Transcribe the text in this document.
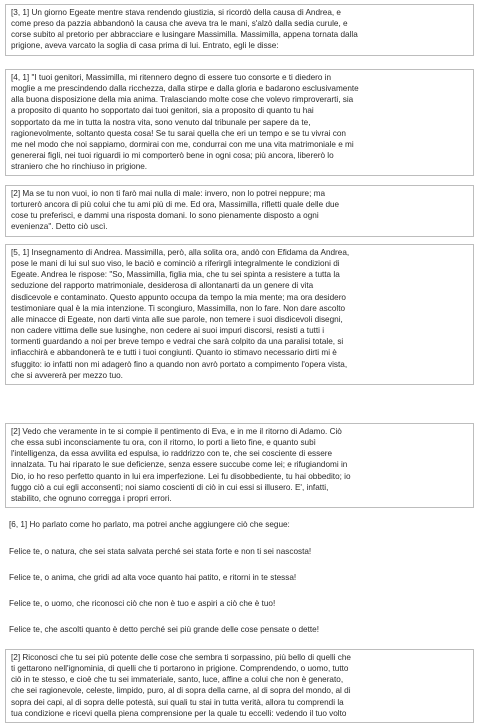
[3, 1] Un giorno Egeate mentre stava rendendo giustizia, si ricordò della causa di Andrea, e
come preso da pazzia abbandonò la causa che aveva tra le mani, s'alzò dalla sedia curule, e
corse subito al pretorio per abbracciare e lusingare Massimilla. Massimilla, appena tornata dalla
prigione, aveva varcato la soglia di casa prima di lui. Entrato, egli le disse:
[4, 1] "I tuoi genitori, Massimilla, mi ritennero degno di essere tuo consorte e ti diedero in
moglie a me prescindendo dalla ricchezza, dalla stirpe e dalla gloria e badarono esclusivamente
alla buona disposizione della mia anima. Tralasciando molte cose che volevo rimproverarti, sia
a proposito di quanto ho sopportato dai tuoi genitori, sia a proposito di quanto tu hai
sopportato da me in tutta la nostra vita, sono venuto dal tribunale per sapere da te,
ragionevolmente, soltanto questa cosa! Se tu sarai quella che eri un tempo e se tu vivrai con
me nel modo che noi sappiamo, dormirai con me, condurrai con me una vita matrimoniale e mi
genererai figli, nei tuoi riguardi io mi comporterò bene in ogni cosa; più ancora, libererò lo
straniero che ho rinchiuso in prigione.
[2] Ma se tu non vuoi, io non ti farò mai nulla di male: invero, non lo potrei neppure; ma
torturerò ancora di più colui che tu ami più di me. Ed ora, Massimilla, rifletti quale delle due
cose tu preferisci, e dammi una risposta domani. Io sono pienamente disposto a ogni
evenienza". Detto ciò uscì.
[5, 1] Insegnamento di Andrea. Massimilla, però, alla solita ora, andò con Efidama da Andrea,
pose le mani di lui sul suo viso, le baciò e cominciò a riferirgli integralmente le condizioni di
Egeate. Andrea le rispose: "So, Massimilla, figlia mia, che tu sei spinta a resistere a tutta la
seduzione del rapporto matrimoniale, desiderosa di allontanarti da un genere di vita
disdicevole e contaminato. Questo appunto occupa da tempo la mia mente; ma ora desidero
testimoniare qual è la mia intenzione. Ti scongiuro, Massimilla, non lo fare. Non dare ascolto
alle minacce di Egeate, non darti vinta alle sue parole, non temere i suoi disdicevoli disegni,
non cadere vittima delle sue lusinghe, non cedere ai suoi impuri discorsi, resisti a tutti i
tormenti guardando a noi per breve tempo e vedrai che sarà colpito da una paralisi totale, si
infiacchirà e abbandonerà te e tutti i tuoi congiunti. Quanto io stimavo necessario dirti mi è
sfuggito: io infatti non mi adagerò fino a quando non avrò portato a compimento l'opera vista,
che si avvererà per mezzo tuo.
[2] Vedo che veramente in te si compie il pentimento di Eva, e in me il ritorno di Adamo. Ciò
che essa subì inconsciamente tu ora, con il ritorno, lo porti a lieto fine, e quanto subì
l'intelligenza, da essa avvilita ed espulsa, io raddrizzo con te, che sei cosciente di essere
innalzata. Tu hai riparato le sue deficienze, senza essere succube come lei; e rifugiandomi in
Dio, io ho reso perfetto quanto in lui era imperfezione. Lei fu disobbediente, tu hai obbedito; io
fuggo ciò a cui egli acconsentì; noi siamo coscienti di ciò in cui essi si illusero. E', infatti,
stabilito, che ognuno corregga i propri errori.
[6, 1] Ho parlato come ho parlato, ma potrei anche aggiungere ciò che segue:
Felice te, o natura, che sei stata salvata perché sei stata forte e non ti sei nascosta!
Felice te, o anima, che gridi ad alta voce quanto hai patito, e ritorni in te stessa!
Felice te, o uomo, che riconosci ciò che non è tuo e aspiri a ciò che è tuo!
Felice te, che ascolti quanto è detto perché sei più grande delle cose pensate o dette!
[2] Riconosci che tu sei più potente delle cose che sembra ti sorpassino, più bello di quelli che
ti gettarono nell'ignominia, di quelli che ti portarono in prigione. Comprendendo, o uomo, tutto
ciò in te stesso, e cioè che tu sei immateriale, santo, luce, affine a colui che non è generato,
che sei ragionevole, celeste, limpido, puro, al di sopra della carne, al di sopra del mondo, al di
sopra dei capi, al di sopra delle potestà, sui quali tu stai in tutta verità, allora tu comprendi la
tua condizione e ricevi quella piena comprensione per la quale tu eccelli: vedendo il tuo volto
